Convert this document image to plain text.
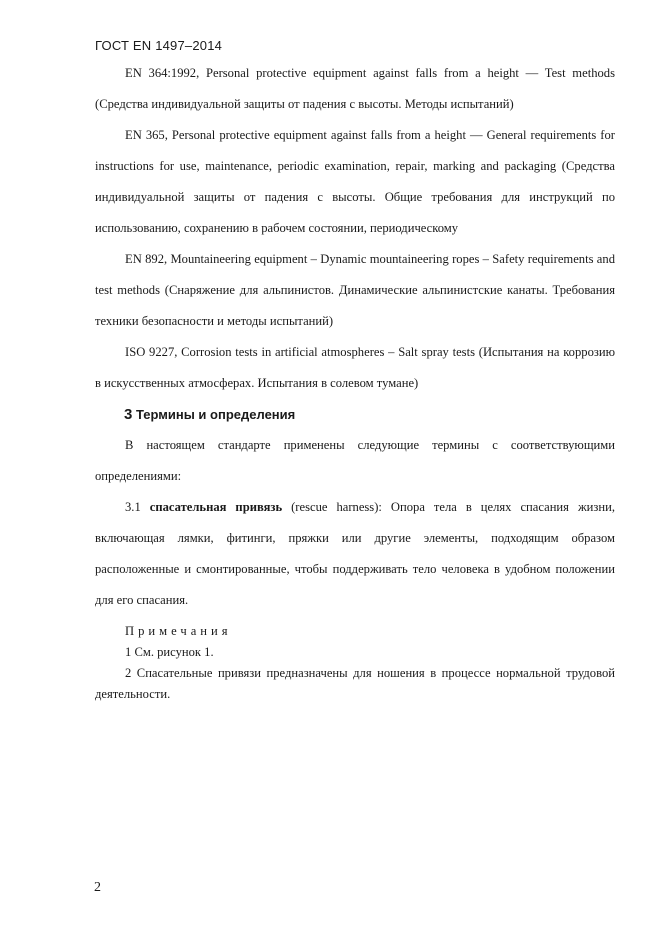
ГОСТ EN 1497–2014

EN 364:1992, Personal protective equipment against falls from a height — Test methods (Средства индивидуальной защиты от падения с высоты. Методы испытаний)

EN 365, Personal protective equipment against falls from a height — General requirements for instructions for use, maintenance, periodic examination, repair, marking and packaging (Средства индивидуальной защиты от падения с высоты. Общие требования для инструкций по использованию, сохранению в рабочем состоянии, периодическому

EN 892, Mountaineering equipment – Dynamic mountaineering ropes – Safety requirements and test methods (Снаряжение для альпинистов. Динамические альпинистские канаты. Требования техники безопасности и методы испытаний)

ISO 9227, Corrosion tests in artificial atmospheres – Salt spray tests (Испытания на коррозию в искусственных атмосферах. Испытания в солевом тумане)

3 Термины и определения

В настоящем стандарте применены следующие термины с соответствующими определениями:

3.1 спасательная привязь (rescue harness): Опора тела в целях спасания жизни, включающая лямки, фитинги, пряжки или другие элементы, подходящим образом расположенные и смонтированные, чтобы поддерживать тело человека в удобном положении для его спасания.

Примечания

1 См. рисунок 1.

2 Спасательные привязи предназначены для ношения в процессе нормальной трудовой деятельности.

2
